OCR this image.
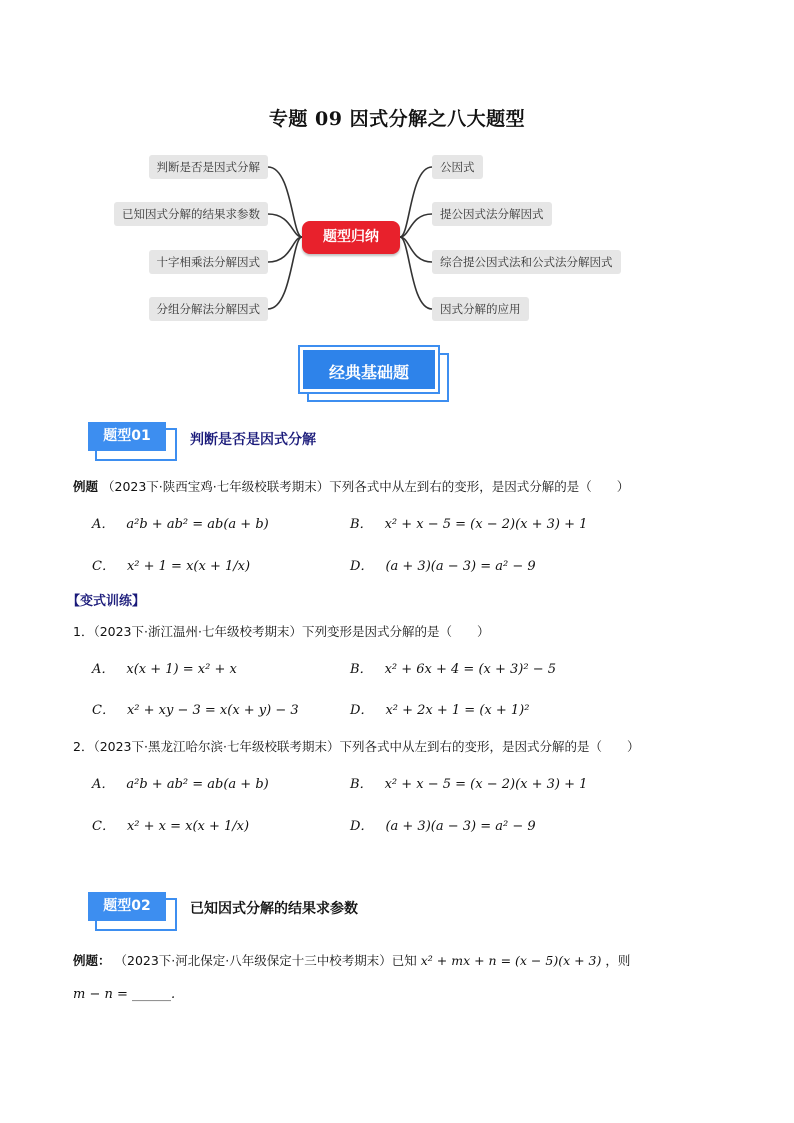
专题 09 因式分解之八大题型
判断是否是因式分解
已知因式分解的结果求参数
十字相乘法分解因式
分组分解法分解因式
公因式
提公因式法分解因式
综合提公因式法和公式法分解因式
因式分解的应用
题型归纳
经典基础题
题型01	判断是否是因式分解
例题 （2023下·陕西宝鸡·七年级校联考期末）下列各式中从左到右的变形，是因式分解的是（　　）
A． a²b + ab² = ab(a + b)	B． x² + x − 5 = (x − 2)(x + 3) + 1
C． x² + 1 = x(x + 1/x)	D． (a + 3)(a − 3) = a² − 9
【变式训练】
1．（2023下·浙江温州·七年级校考期末）下列变形是因式分解的是（　　）
A． x(x + 1) = x² + x	B． x² + 6x + 4 = (x + 3)² − 5
C． x² + xy − 3 = x(x + y) − 3	D． x² + 2x + 1 = (x + 1)²
2．（2023下·黑龙江哈尔滨·七年级校联考期末）下列各式中从左到右的变形，是因式分解的是（　　）
A． a²b + ab² = ab(a + b)	B． x² + x − 5 = (x − 2)(x + 3) + 1
C． x² + x = x(x + 1/x)	D． (a + 3)(a − 3) = a² − 9
题型02	已知因式分解的结果求参数
例题： （2023下·河北保定·八年级保定十三中校考期末）已知 x² + mx + n = (x − 5)(x + 3) ，则
m − n = ______.
